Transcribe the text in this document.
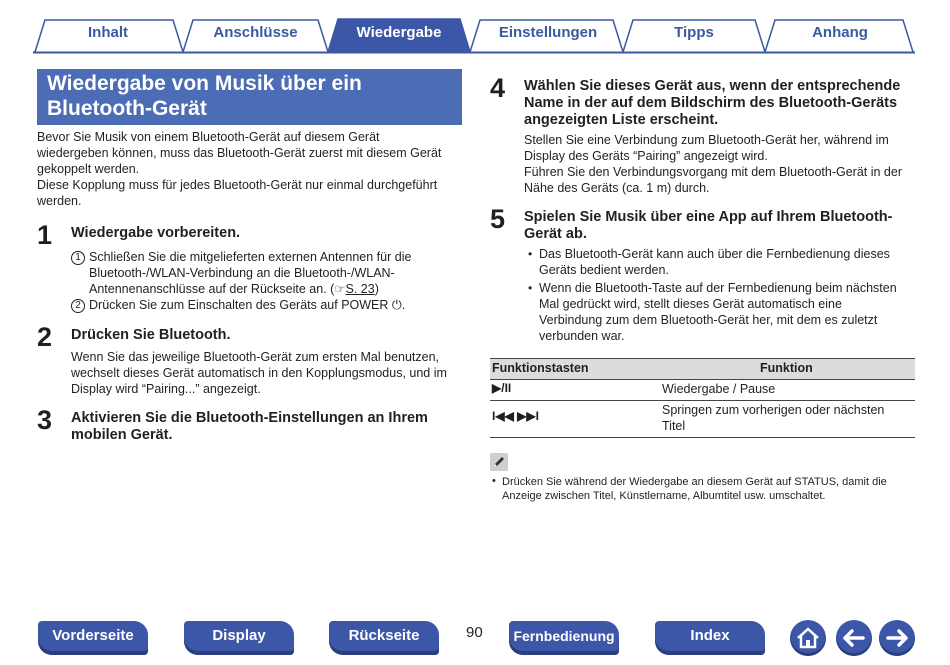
Inhalt	Anschlüsse	Wiedergabe	Einstellungen	Tipps	Anhang
Wiedergabe von Musik über ein
Bluetooth-Gerät
Bevor Sie Musik von einem Bluetooth-Gerät auf diesem Gerät
wiedergeben können, muss das Bluetooth-Gerät zuerst mit diesem Gerät
gekoppelt werden.
Diese Kopplung muss für jedes Bluetooth-Gerät nur einmal durchgeführt
werden.
1 Wiedergabe vorbereiten.
1 Schließen Sie die mitgelieferten externen Antennen für die
Bluetooth-/WLAN-Verbindung an die Bluetooth-/WLAN-
Antennenanschlüsse auf der Rückseite an. (☞S. 23)
2 Drücken Sie zum Einschalten des Geräts auf POWER ⏻.
2 Drücken Sie Bluetooth.
Wenn Sie das jeweilige Bluetooth-Gerät zum ersten Mal benutzen,
wechselt dieses Gerät automatisch in den Kopplungsmodus, und im
Display wird “Pairing...” angezeigt.
3 Aktivieren Sie die Bluetooth-Einstellungen an Ihrem
mobilen Gerät.
4 Wählen Sie dieses Gerät aus, wenn der entsprechende
Name in der auf dem Bildschirm des Bluetooth-Geräts
angezeigten Liste erscheint.
Stellen Sie eine Verbindung zum Bluetooth-Gerät her, während im
Display des Geräts “Pairing” angezeigt wird.
Führen Sie den Verbindungsvorgang mit dem Bluetooth-Gerät in der
Nähe des Geräts (ca. 1 m) durch.
5 Spielen Sie Musik über eine App auf Ihrem Bluetooth-
Gerät ab.
• Das Bluetooth-Gerät kann auch über die Fernbedienung dieses
Geräts bedient werden.
• Wenn die Bluetooth-Taste auf der Fernbedienung beim nächsten
Mal gedrückt wird, stellt dieses Gerät automatisch eine
Verbindung zum dem Bluetooth-Gerät her, mit dem es zuletzt
verbunden war.
Funktionstasten	Funktion
▶/II	Wiedergabe / Pause
I◀◀ ▶▶I	Springen zum vorherigen oder nächsten
Titel
• Drücken Sie während der Wiedergabe an diesem Gerät auf STATUS, damit die
Anzeige zwischen Titel, Künstlername, Albumtitel usw. umschaltet.
Vorderseite	Display	Rückseite	90	Fernbedienung	Index
